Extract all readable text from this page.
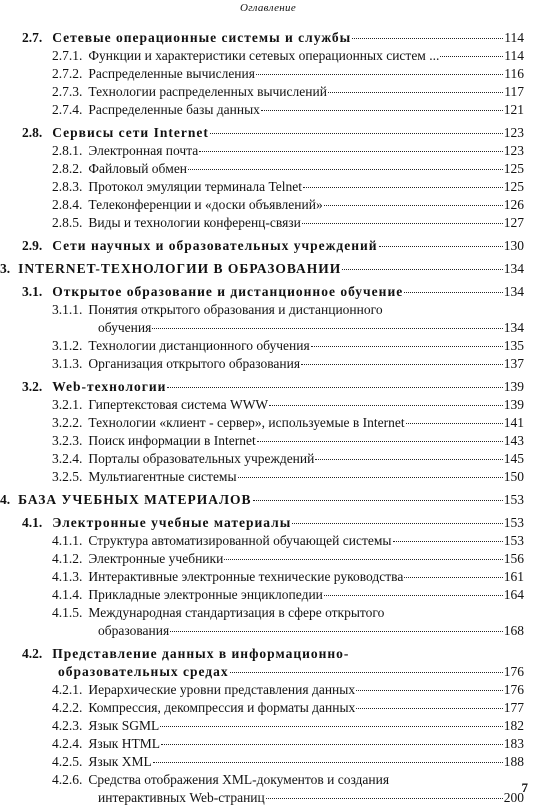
Оглавление
2.7. Сетевые операционные системы и службы	114
2.7.1. Функции и характеристики сетевых операционных систем ...	114
2.7.2. Распределенные вычисления	116
2.7.3. Технологии распределенных вычислений	117
2.7.4. Распределенные базы данных	121
2.8. Сервисы сети Internet	123
2.8.1. Электронная почта	123
2.8.2. Файловый обмен	125
2.8.3. Протокол эмуляции терминала Telnet	125
2.8.4. Телеконференции и «доски объявлений»	126
2.8.5. Виды и технологии конференц-связи	127
2.9. Сети научных и образовательных учреждений	130
3. INTERNET-ТЕХНОЛОГИИ В ОБРАЗОВАНИИ	134
3.1. Открытое образование и дистанционное обучение	134
3.1.1. Понятия открытого образования и дистанционного
обучения	134
3.1.2. Технологии дистанционного обучения	135
3.1.3. Организация открытого образования	137
3.2. Web-технологии	139
3.2.1. Гипертекстовая система WWW	139
3.2.2. Технологии «клиент - сервер», используемые в Internet	141
3.2.3. Поиск информации в Internet	143
3.2.4. Порталы образовательных учреждений	145
3.2.5. Мультиагентные системы	150
4. БАЗА УЧЕБНЫХ МАТЕРИАЛОВ	153
4.1. Электронные учебные материалы	153
4.1.1. Структура автоматизированной обучающей системы	153
4.1.2. Электронные учебники	156
4.1.3. Интерактивные электронные технические руководства	161
4.1.4. Прикладные электронные энциклопедии	164
4.1.5. Международная стандартизация в сфере открытого
образования	168
4.2. Представление данных в информационно-
образовательных средах	176
4.2.1. Иерархические уровни представления данных	176
4.2.2. Компрессия, декомпрессия и форматы данных	177
4.2.3. Язык SGML	182
4.2.4. Язык HTML	183
4.2.5. Язык XML	188
4.2.6. Средства отображения XML-документов и создания
интерактивных Web-страниц	200
7
